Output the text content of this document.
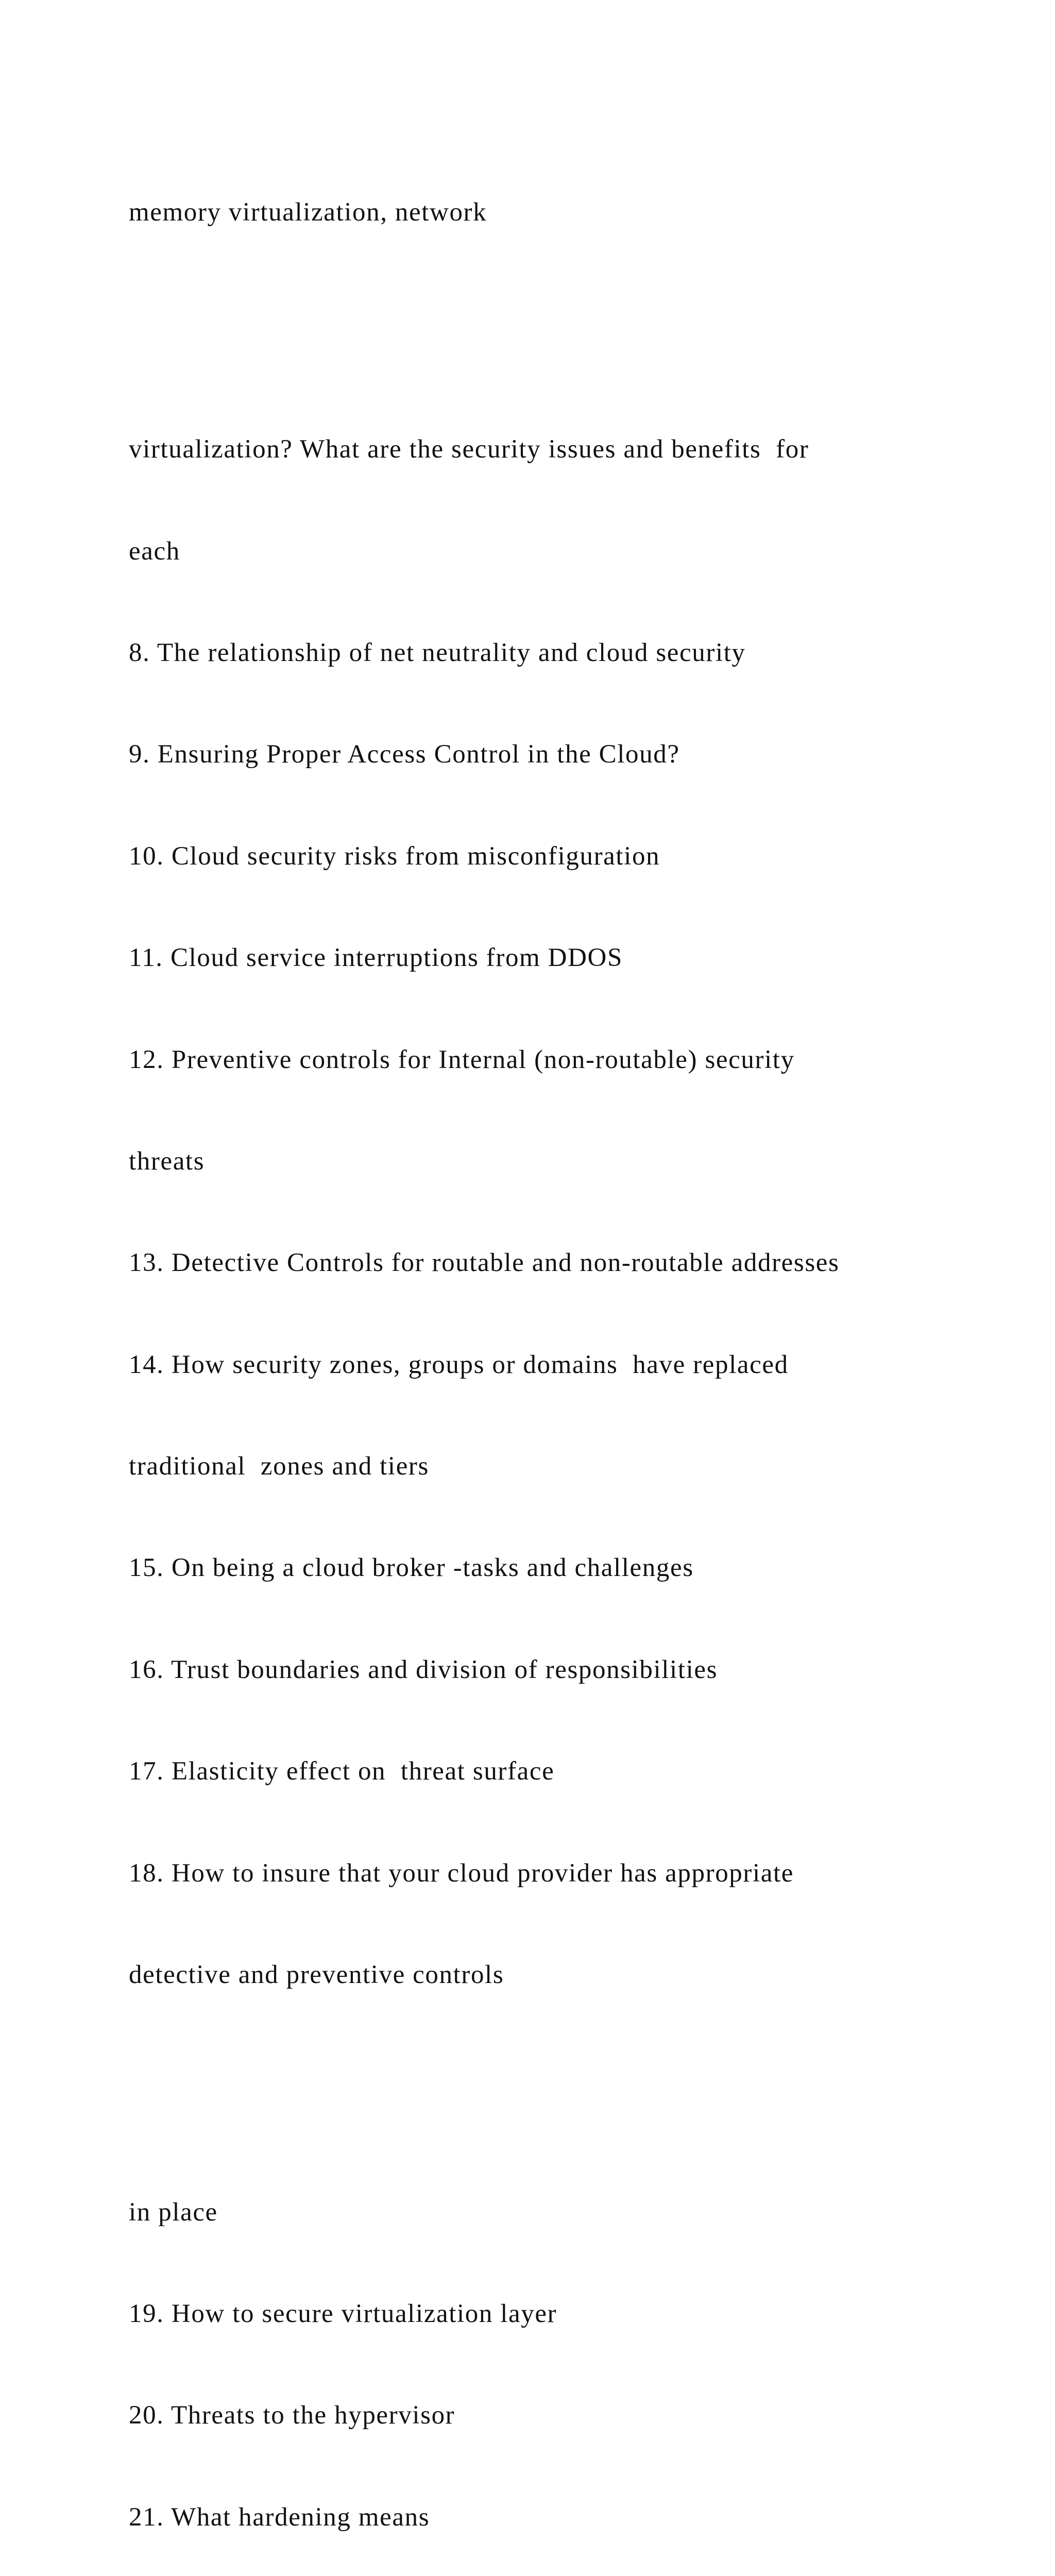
memory virtualization, network

virtualization? What are the security issues and benefits  for

each

8. The relationship of net neutrality and cloud security

9. Ensuring Proper Access Control in the Cloud?

10. Cloud security risks from misconfiguration

11. Cloud service interruptions from DDOS

12. Preventive controls for Internal (non-routable) security

threats

13. Detective Controls for routable and non-routable addresses

14. How security zones, groups or domains  have replaced

traditional  zones and tiers

15. On being a cloud broker -tasks and challenges

16. Trust boundaries and division of responsibilities

17. Elasticity effect on  threat surface

18. How to insure that your cloud provider has appropriate

detective and preventive controls

in place

19. How to secure virtualization layer

20. Threats to the hypervisor

21. What hardening means
